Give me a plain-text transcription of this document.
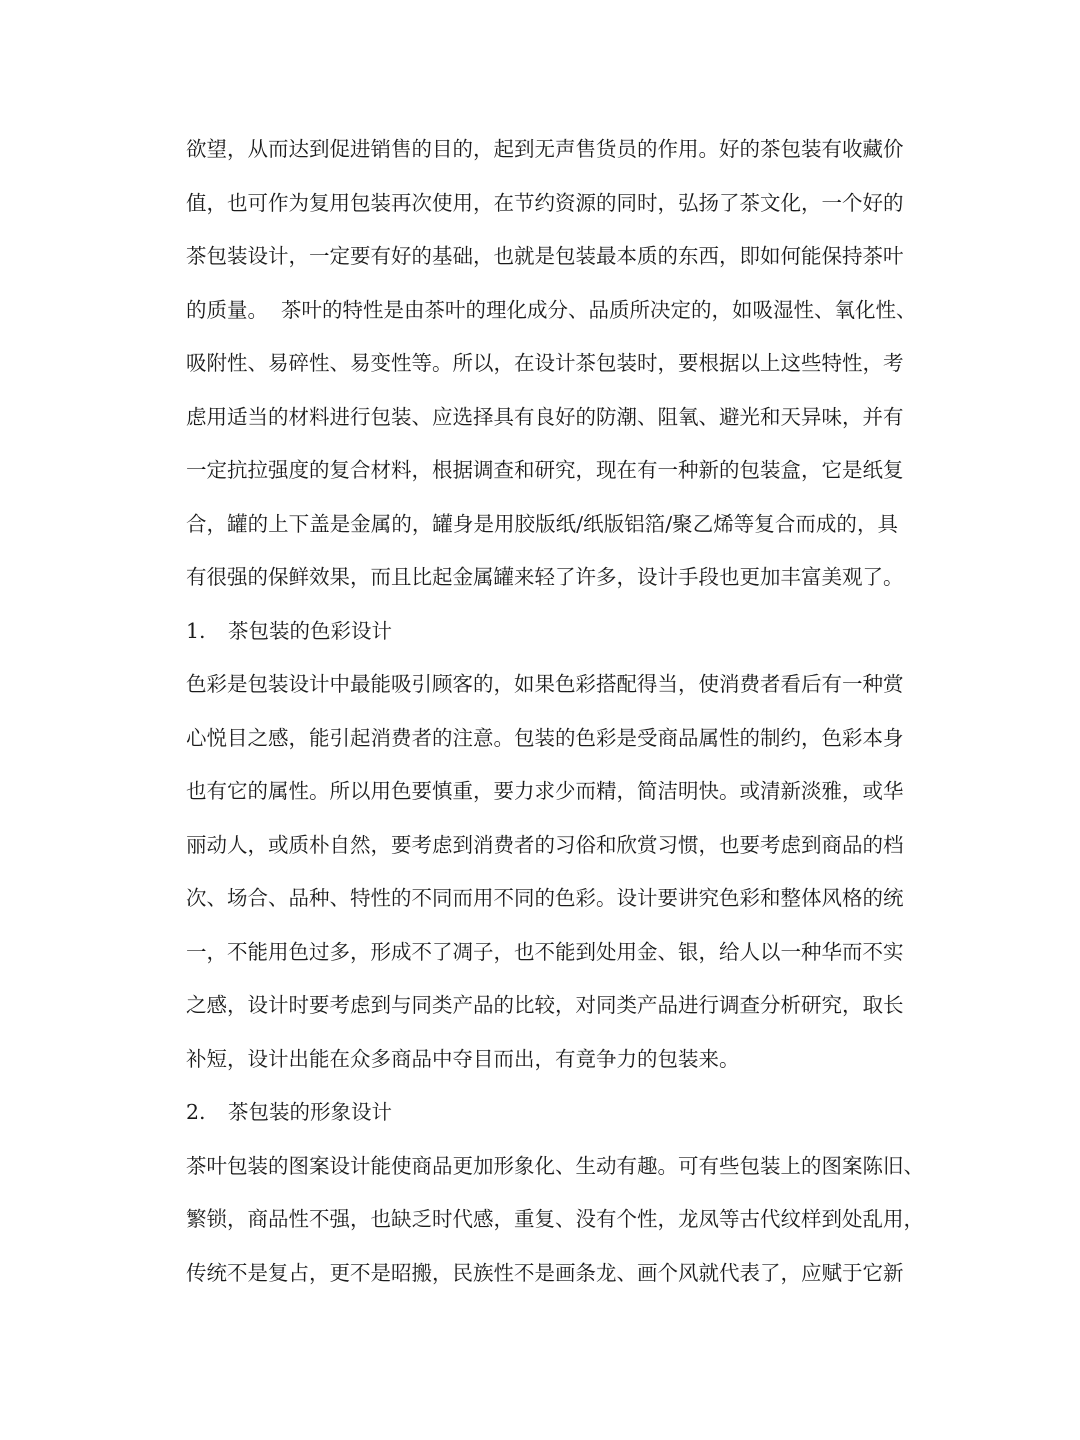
欲望，从而达到促进销售的目的，起到无声售货员的作用。好的茶包装有收藏价
值，也可作为复用包装再次使用，在节约资源的同时，弘扬了茶文化，一个好的
茶包装设计，一定要有好的基础，也就是包装最本质的东西，即如何能保持茶叶
的质量。  茶叶的特性是由茶叶的理化成分、品质所决定的，如吸湿性、氧化性、
吸附性、易碎性、易变性等。所以，在设计茶包装时，要根据以上这些特性，考
虑用适当的材料进行包装、应选择具有良好的防潮、阻氧、避光和天异味，并有
一定抗拉强度的复合材料，根据调查和研究，现在有一种新的包装盒，它是纸复
合，罐的上下盖是金属的，罐身是用胶版纸/纸版铝箔/聚乙烯等复合而成的，具
有很强的保鲜效果，而且比起金属罐来轻了许多，设计手段也更加丰富美观了。
1. 茶包装的色彩设计
色彩是包装设计中最能吸引顾客的，如果色彩搭配得当，使消费者看后有一种赏
心悦目之感，能引起消费者的注意。包装的色彩是受商品属性的制约，色彩本身
也有它的属性。所以用色要慎重，要力求少而精，简洁明快。或清新淡雅，或华
丽动人，或质朴自然，要考虑到消费者的习俗和欣赏习惯，也要考虑到商品的档
次、场合、品种、特性的不同而用不同的色彩。设计要讲究色彩和整体风格的统
一，不能用色过多，形成不了凋子，也不能到处用金、银，给人以一种华而不实
之感，设计时要考虑到与同类产品的比较，对同类产品进行调查分析研究，取长
补短，设计出能在众多商品中夺目而出，有竟争力的包装来。
2. 茶包装的形象设计
茶叶包装的图案设计能使商品更加形象化、生动有趣。可有些包装上的图案陈旧、
繁锁，商品性不强，也缺乏时代感，重复、没有个性，龙凤等古代纹样到处乱用，
传统不是复占，更不是昭搬，民族性不是画条龙、画个风就代表了，应赋于它新
